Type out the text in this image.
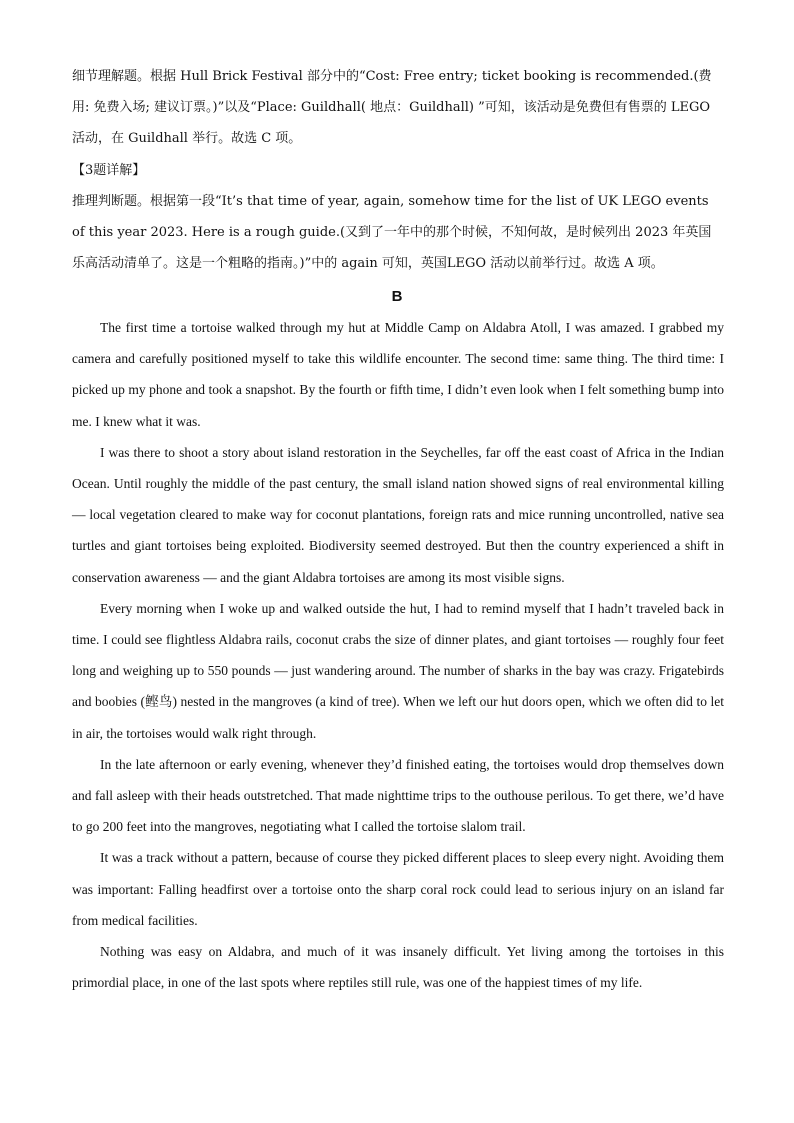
细节理解题。根据 Hull Brick Festival 部分中的“Cost: Free entry; ticket booking is recommended.(费用: 免费入场; 建议订票。)”以及“Place: Guildhall( 地点：Guildhall) ”可知，该活动是免费但有售票的 LEGO 活动，在 Guildhall 举行。故选 C 项。

【3题详解】

推理判断题。根据第一段“It’s that time of year, again, somehow time for the list of UK LEGO events of this year 2023. Here is a rough guide.(又到了一年中的那个时候，不知何故，是时候列出 2023 年英国乐高活动清单了。这是一个粗略的指南。)”中的 again 可知，英国LEGO 活动以前举行过。故选 A 项。

B

The first time a tortoise walked through my hut at Middle Camp on Aldabra Atoll, I was amazed. I grabbed my camera and carefully positioned myself to take this wildlife encounter. The second time: same thing. The third time: I picked up my phone and took a snapshot. By the fourth or fifth time, I didn’t even look when I felt something bump into me. I knew what it was.

I was there to shoot a story about island restoration in the Seychelles, far off the east coast of Africa in the Indian Ocean. Until roughly the middle of the past century, the small island nation showed signs of real environmental killing — local vegetation cleared to make way for coconut plantations, foreign rats and mice running uncontrolled, native sea turtles and giant tortoises being exploited. Biodiversity seemed destroyed. But then the country experienced a shift in conservation awareness — and the giant Aldabra tortoises are among its most visible signs.

Every morning when I woke up and walked outside the hut, I had to remind myself that I hadn’t traveled back in time. I could see flightless Aldabra rails, coconut crabs the size of dinner plates, and giant tortoises — roughly four feet long and weighing up to 550 pounds — just wandering around. The number of sharks in the bay was crazy. Frigatebirds and boobies (鲣鸟) nested in the mangroves (a kind of tree). When we left our hut doors open, which we often did to let in air, the tortoises would walk right through.

In the late afternoon or early evening, whenever they’d finished eating, the tortoises would drop themselves down and fall asleep with their heads outstretched. That made nighttime trips to the outhouse perilous. To get there, we’d have to go 200 feet into the mangroves, negotiating what I called the tortoise slalom trail.

It was a track without a pattern, because of course they picked different places to sleep every night. Avoiding them was important: Falling headfirst over a tortoise onto the sharp coral rock could lead to serious injury on an island far from medical facilities.

Nothing was easy on Aldabra, and much of it was insanely difficult. Yet living among the tortoises in this primordial place, in one of the last spots where reptiles still rule, was one of the happiest times of my life.
